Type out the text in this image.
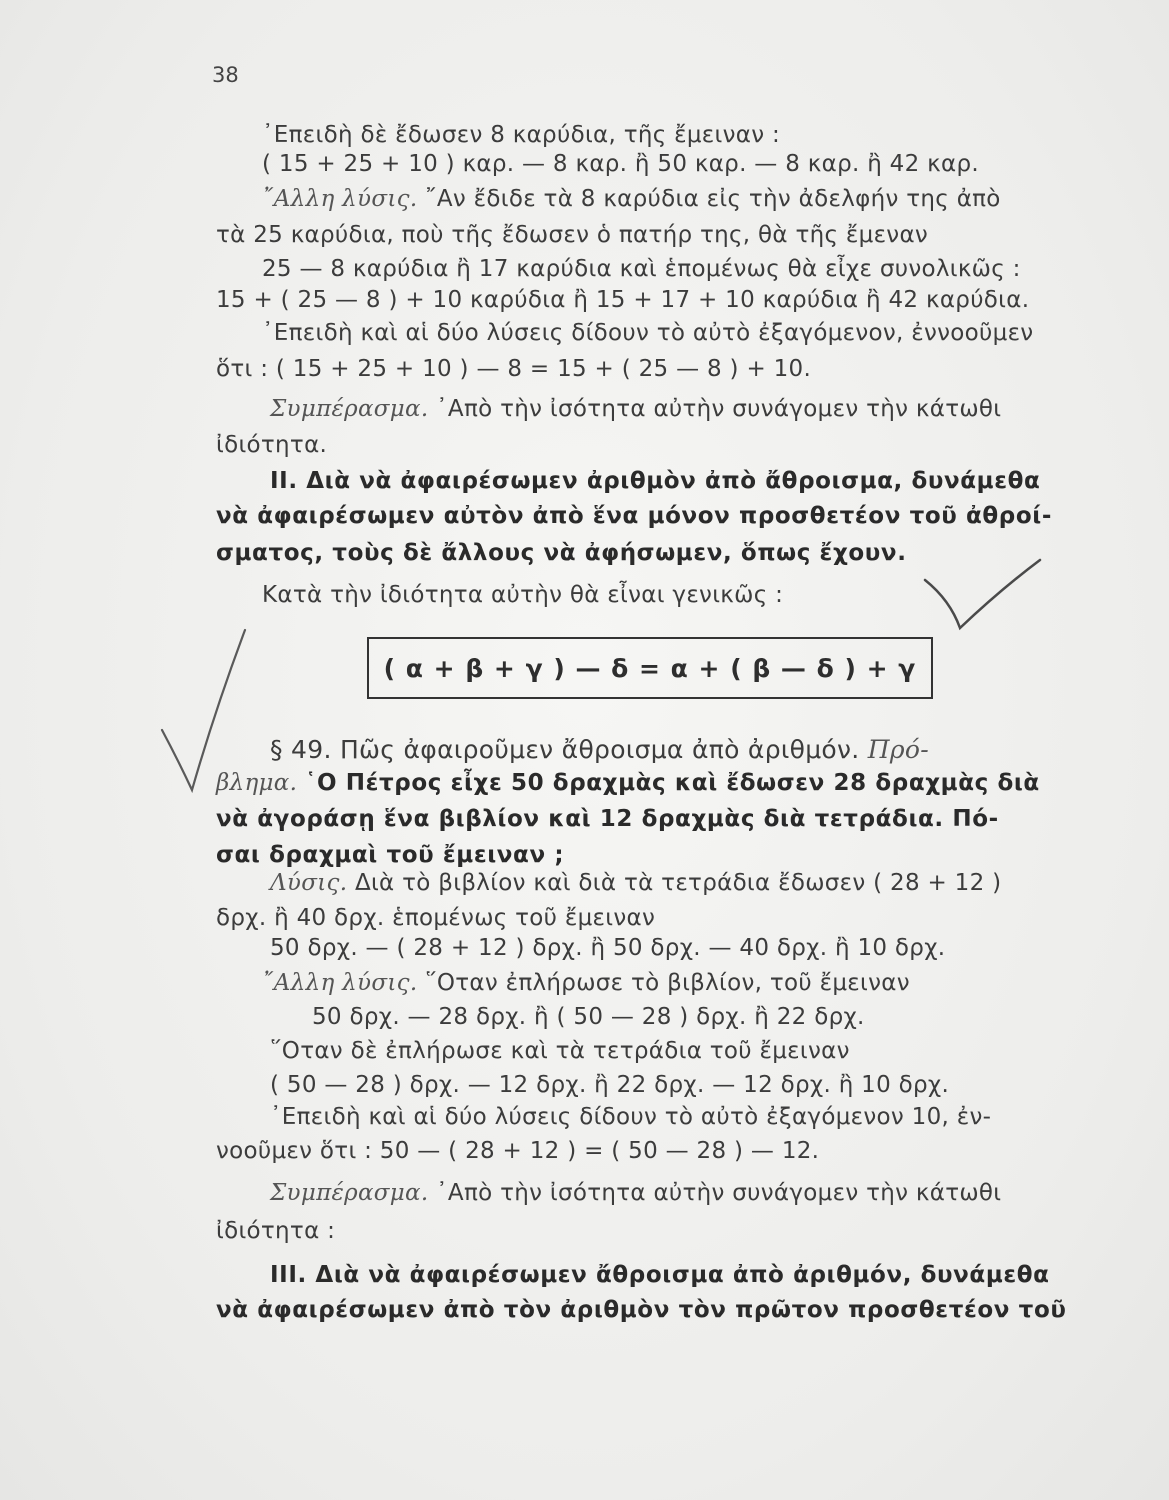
38
᾽Επειδὴ δὲ ἔδωσεν 8 καρύδια, τῆς ἔμειναν :
( 15 + 25 + 10 ) καρ. — 8 καρ. ἢ 50 καρ. — 8 καρ. ἢ 42 καρ.
῎Αλλη λύσις. ῎Αν ἔδιδε τὰ 8 καρύδια εἰς τὴν ἀδελφήν της ἀπὸ
τὰ 25 καρύδια, ποὺ τῆς ἔδωσεν ὁ πατήρ της, θὰ τῆς ἔμεναν
25 — 8 καρύδια ἢ 17 καρύδια καὶ ἑπομένως θὰ εἶχε συνολικῶς :
15 + ( 25 — 8 ) + 10 καρύδια ἢ 15 + 17 + 10 καρύδια ἢ 42 καρύδια.
᾽Επειδὴ καὶ αἱ δύο λύσεις δίδουν τὸ αὐτὸ ἐξαγόμενον, ἐννοοῦμεν
ὅτι : ( 15 + 25 + 10 ) — 8 = 15 + ( 25 — 8 ) + 10.
Συμπέρασμα. ᾽Απὸ τὴν ἰσότητα αὐτὴν συνάγομεν τὴν κάτωθι
ἰδιότητα.
II. Διὰ νὰ ἀφαιρέσωμεν ἀριθμὸν ἀπὸ ἄθροισμα, δυνάμεθα
νὰ ἀφαιρέσωμεν αὐτὸν ἀπὸ ἕνα μόνον προσθετέον τοῦ ἀθροί-
σματος, τοὺς δὲ ἄλλους νὰ ἀφήσωμεν, ὅπως ἔχουν.
Κατὰ τὴν ἰδιότητα αὐτὴν θὰ εἶναι γενικῶς :
( α + β + γ ) — δ = α + ( β — δ ) + γ
§ 49. Πῶς ἀφαιροῦμεν ἄθροισμα ἀπὸ ἀριθμόν. Πρό-
βλημα. ῾Ο Πέτρος εἶχε 50 δραχμὰς καὶ ἔδωσεν 28 δραχμὰς διὰ
νὰ ἀγοράσῃ ἕνα βιβλίον καὶ 12 δραχμὰς διὰ τετράδια. Πό-
σαι δραχμαὶ τοῦ ἔμειναν ;
Λύσις. Διὰ τὸ βιβλίον καὶ διὰ τὰ τετράδια ἔδωσεν ( 28 + 12 )
δρχ. ἢ 40 δρχ. ἑπομένως τοῦ ἔμειναν
50 δρχ. — ( 28 + 12 ) δρχ. ἢ 50 δρχ. — 40 δρχ. ἢ 10 δρχ.
῎Αλλη λύσις. ῞Οταν ἐπλήρωσε τὸ βιβλίον, τοῦ ἔμειναν
50 δρχ. — 28 δρχ. ἢ ( 50 — 28 ) δρχ. ἢ 22 δρχ.
῞Οταν δὲ ἐπλήρωσε καὶ τὰ τετράδια τοῦ ἔμειναν
( 50 — 28 ) δρχ. — 12 δρχ. ἢ 22 δρχ. — 12 δρχ. ἢ 10 δρχ.
᾽Επειδὴ καὶ αἱ δύο λύσεις δίδουν τὸ αὐτὸ ἐξαγόμενον 10, ἐν-
νοοῦμεν ὅτι : 50 — ( 28 + 12 ) = ( 50 — 28 ) — 12.
Συμπέρασμα. ᾽Απὸ τὴν ἰσότητα αὐτὴν συνάγομεν τὴν κάτωθι
ἰδιότητα :
III. Διὰ νὰ ἀφαιρέσωμεν ἄθροισμα ἀπὸ ἀριθμόν, δυνάμεθα
νὰ ἀφαιρέσωμεν ἀπὸ τὸν ἀριθμὸν τὸν πρῶτον προσθετέον τοῦ
